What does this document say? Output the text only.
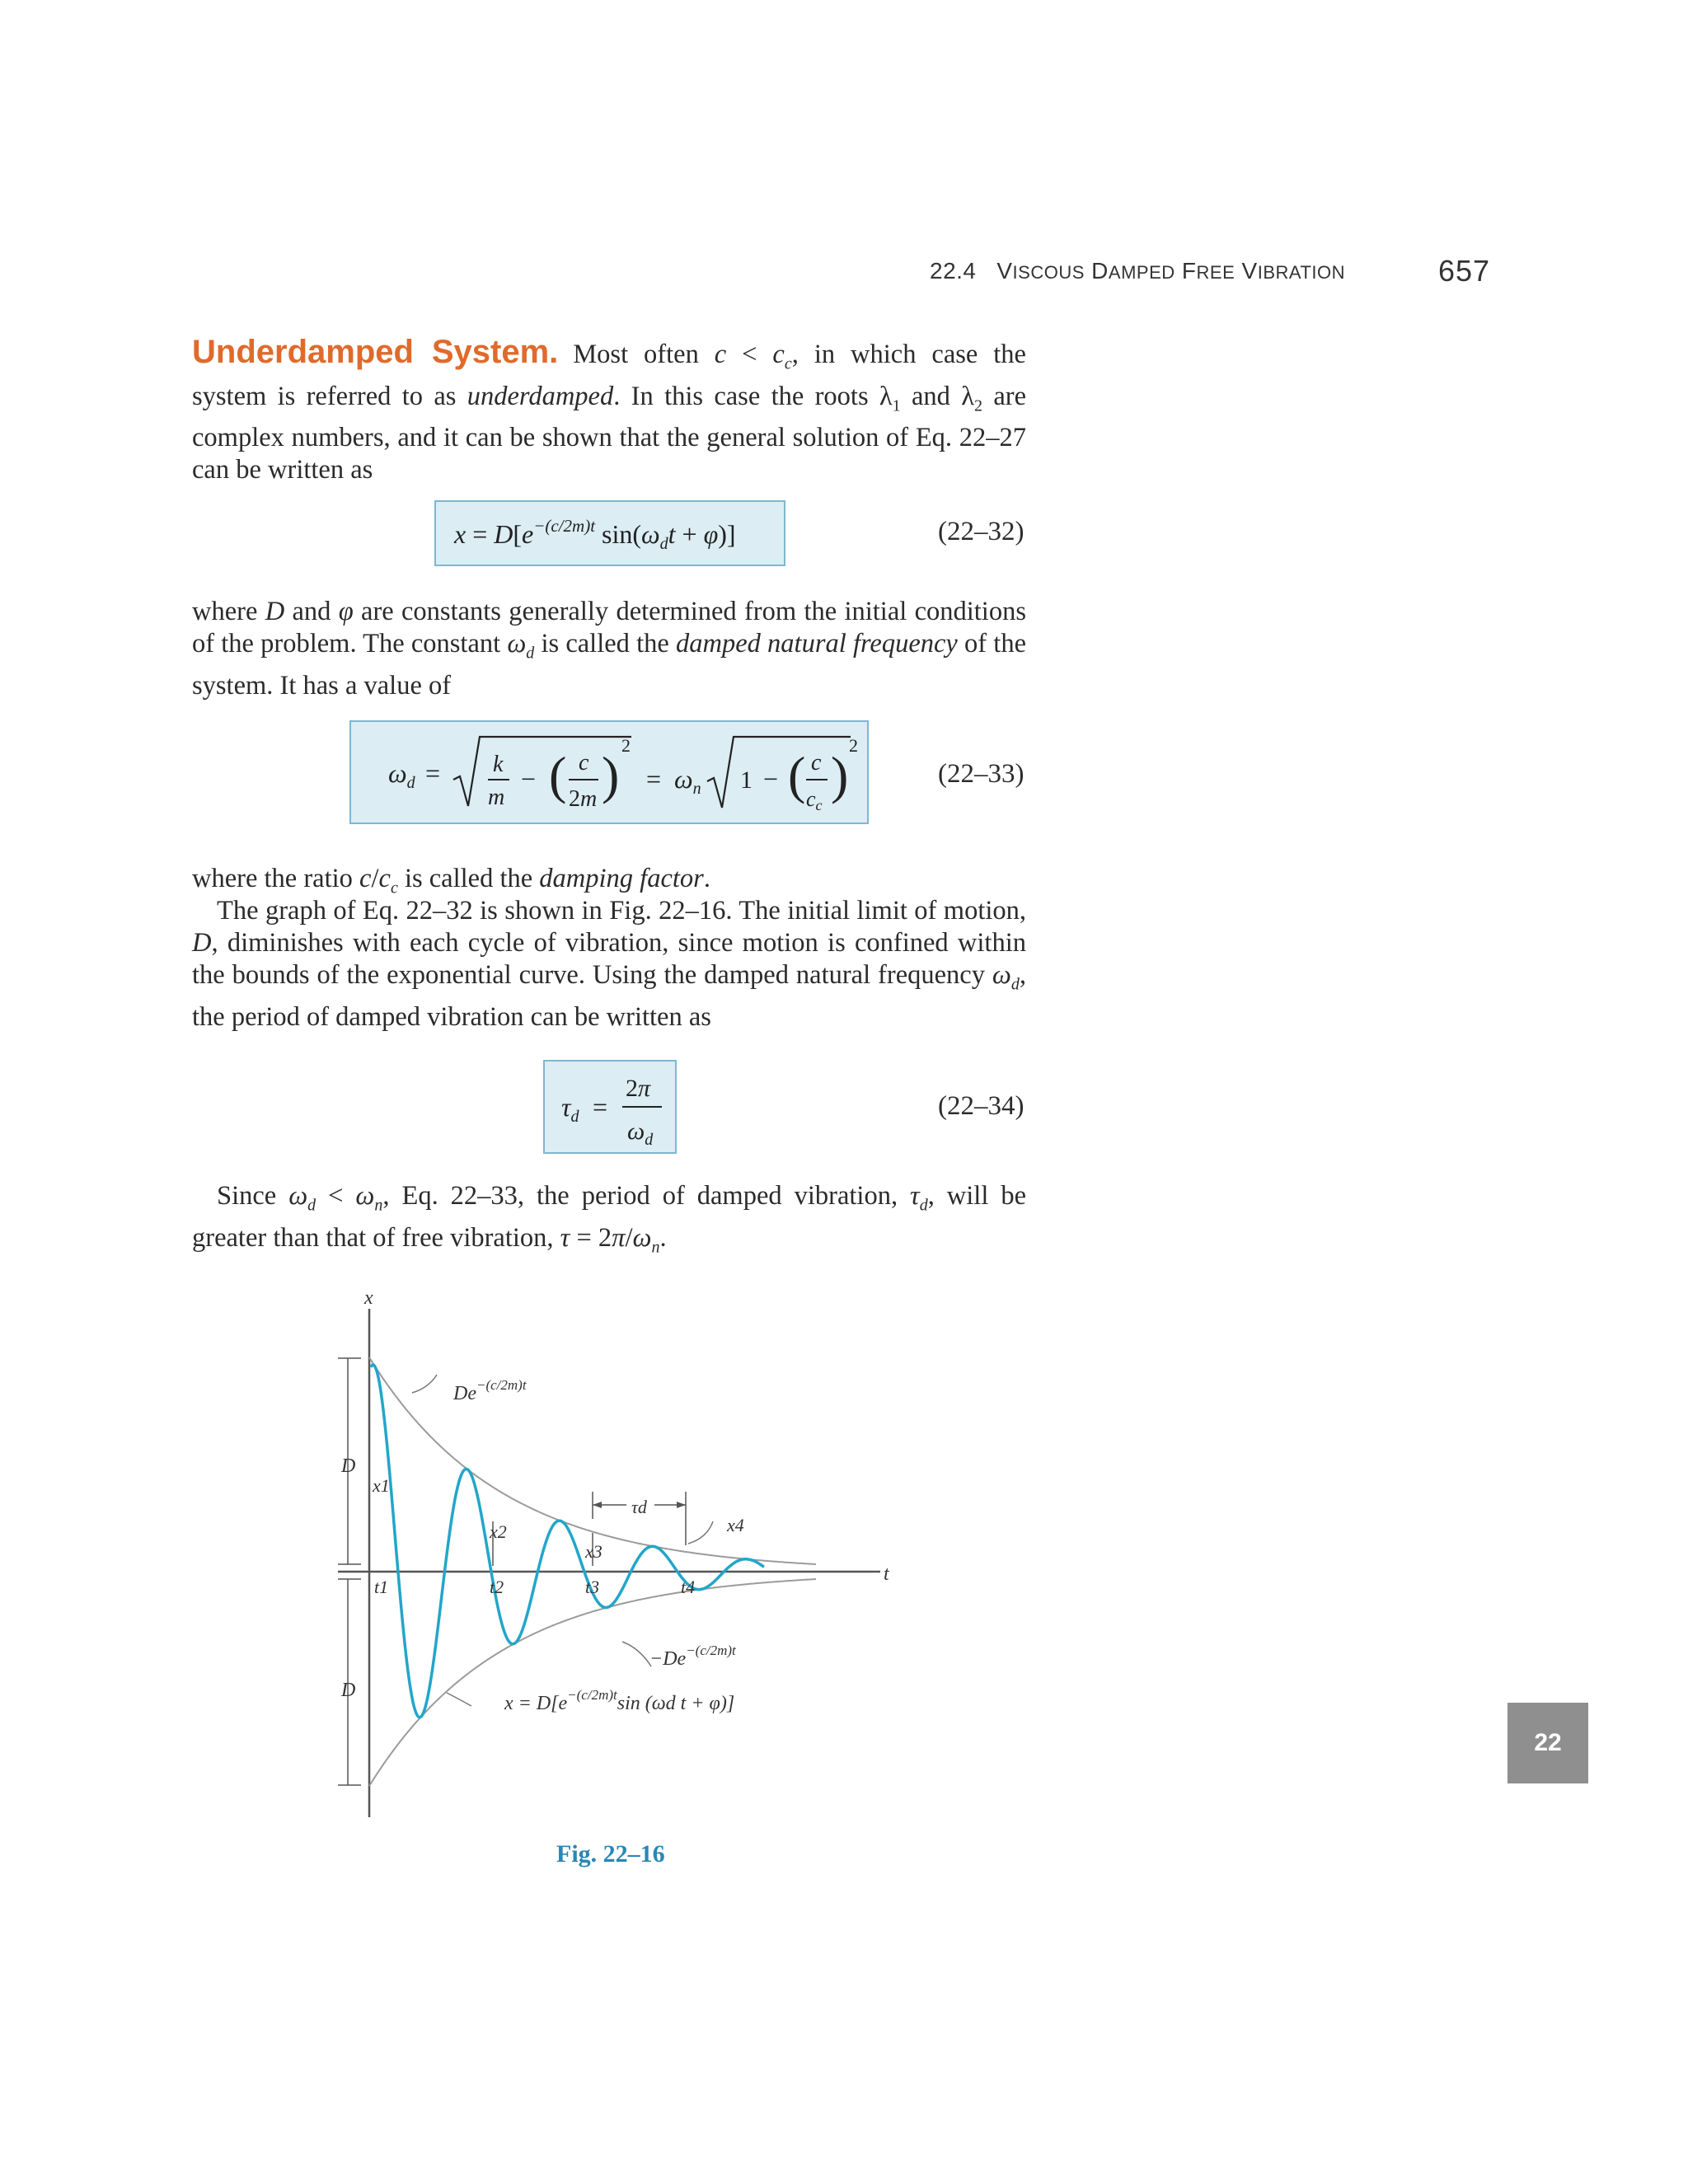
22.4 VISCOUS DAMPED FREE VIBRATION	657
Underdamped System. Most often $c < c_c$, in which case the system is referred to as underdamped. In this case the roots $\lambda_1$ and $\lambda_2$ are complex numbers, and it can be shown that the general solution of Eq. 22–27 can be written as
$x = D[e^{-(c/2m)t}$ $\sin(\omega_dt + \varphi)$]	(22–32)
where D and φ are constants generally determined from the initial conditions of the problem. The constant $\omega_d$ is called the damped natural frequency of the system. It has a value of
$\omega_d = k$
m
− ( c
2m )
2
= $\omega_n$ 1 − ( c
cc
)
2
(22–33)
where the ratio $c/c_c$ is called the damping factor.
The graph of Eq. 22–32 is shown in Fig. 22–16. The initial limit of motion, D, diminishes with each cycle of vibration, since motion is confined within the bounds of the exponential curve. Using the damped natural frequency $\omega_d$, the period of damped vibration can be written as
$\tau_d$ =
2π
$\omega_d$
(22–34)
Since $\omega_d < \omega_n$, Eq. 22–33, the period of damped vibration, $\tau_d$, will be greater than that of free vibration, $\tau = 2\pi/\omega_n$.
x
t
D
D
x1
x2
x3
x4
t1	t2	t3	t4
τd
$De^{-(c/2m)t}$
$-De^{-(c/2m)t}$
$x = D[e^{-(c/2m)t}\sin$ (ωd t + φ)]
Fig. 22–16
22
